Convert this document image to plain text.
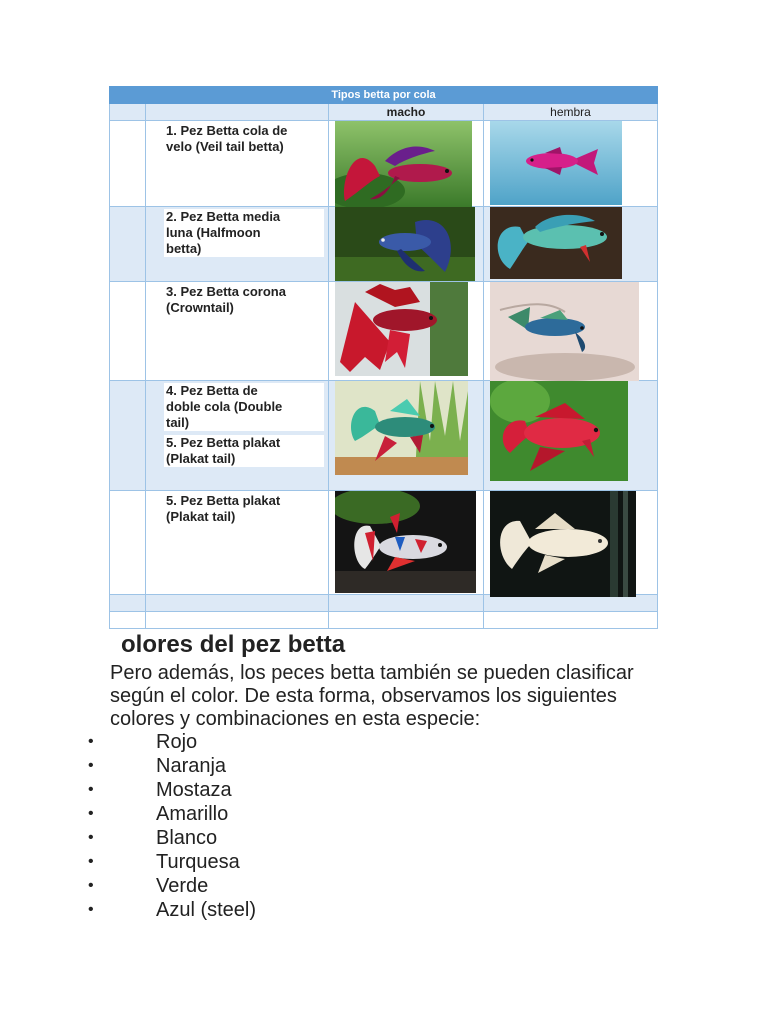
Tipos betta por cola			
		macho	hembra

	1. Pez Betta cola de
velo (Veil tail betta)

	2. Pez Betta media
luna (Halfmoon
betta)

	3. Pez Betta corona
(Crowntail)

	4. Pez Betta de
doble cola (Double
tail)
5. Pez Betta plakat
(Plakat tail)

	5. Pez Betta plakat
(Plakat tail)

olores del pez betta

Pero además, los peces betta también se pueden clasificar según el color. De esta forma, observamos los siguientes colores y combinaciones en esta especie:

•	Rojo
•	Naranja
•	Mostaza
•	Amarillo
•	Blanco
•	Turquesa
•	Verde
•	Azul (steel)
